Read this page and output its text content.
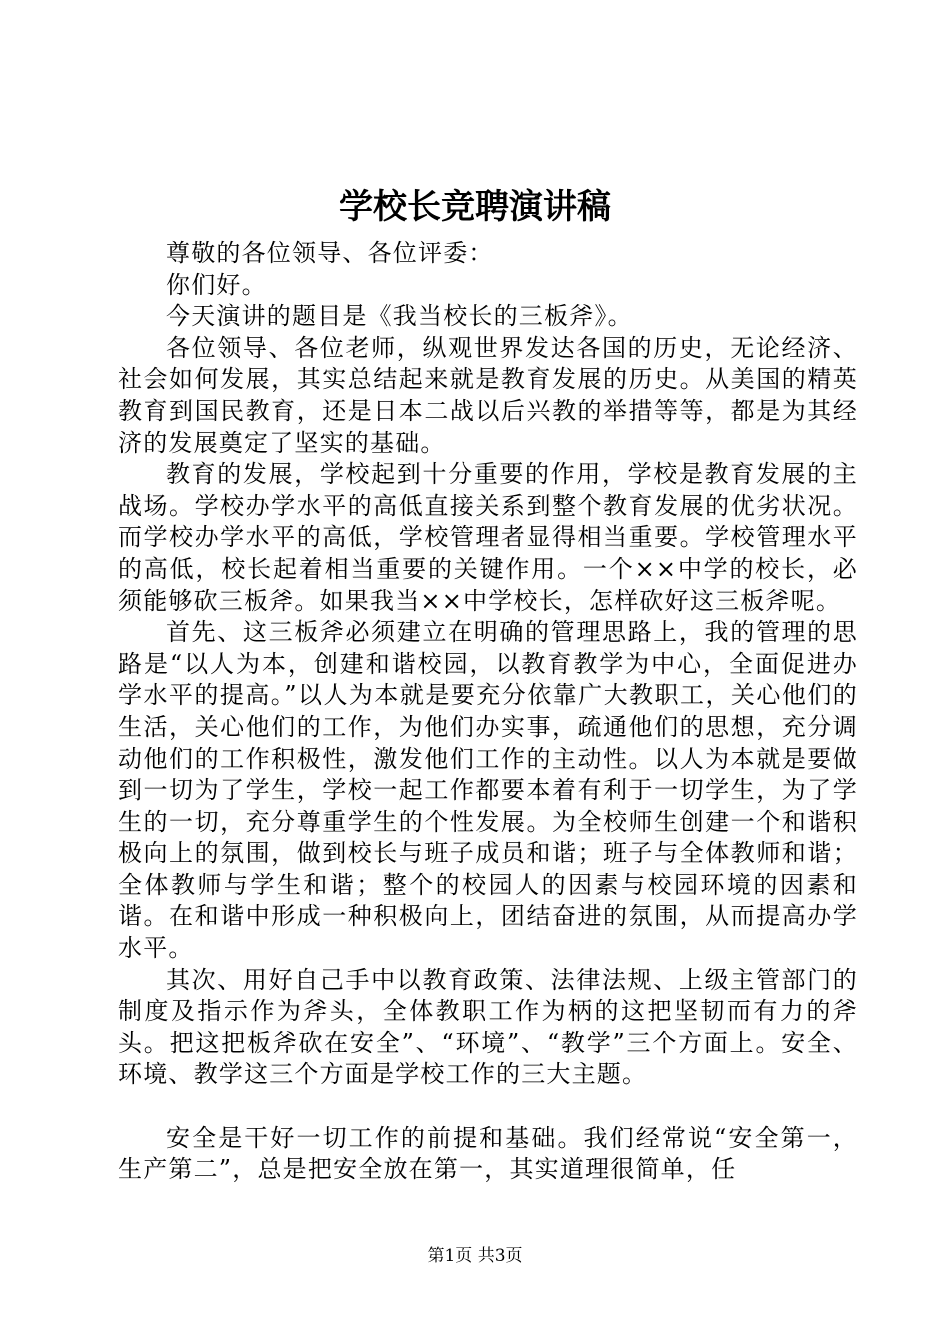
学校长竞聘演讲稿

尊敬的各位领导、各位评委：

你们好。

今天演讲的题目是《我当校长的三板斧》。

各位领导、各位老师，纵观世界发达各国的历史，无论经济、社会如何发展，其实总结起来就是教育发展的历史。从美国的精英教育到国民教育，还是日本二战以后兴教的举措等等，都是为其经济的发展奠定了坚实的基础。

教育的发展，学校起到十分重要的作用，学校是教育发展的主战场。学校办学水平的高低直接关系到整个教育发展的优劣状况。而学校办学水平的高低，学校管理者显得相当重要。学校管理水平的高低，校长起着相当重要的关键作用。一个××中学的校长，必须能够砍三板斧。如果我当××中学校长，怎样砍好这三板斧呢。

首先、这三板斧必须建立在明确的管理思路上，我的管理的思路是“以人为本，创建和谐校园，以教育教学为中心，全面促进办学水平的提高。”以人为本就是要充分依靠广大教职工，关心他们的生活，关心他们的工作，为他们办实事，疏通他们的思想，充分调动他们的工作积极性，激发他们工作的主动性。以人为本就是要做到一切为了学生，学校一起工作都要本着有利于一切学生，为了学生的一切，充分尊重学生的个性发展。为全校师生创建一个和谐积极向上的氛围，做到校长与班子成员和谐；班子与全体教师和谐；全体教师与学生和谐；整个的校园人的因素与校园环境的因素和谐。在和谐中形成一种积极向上，团结奋进的氛围，从而提高办学水平。

其次、用好自己手中以教育政策、法律法规、上级主管部门的制度及指示作为斧头，全体教职工作为柄的这把坚韧而有力的斧头。把这把板斧砍在安全”、“环境”、“教学”三个方面上。安全、环境、教学这三个方面是学校工作的三大主题。

安全是干好一切工作的前提和基础。我们经常说“安全第一，生产第二”，总是把安全放在第一，其实道理很简单，任

第1页 共3页
